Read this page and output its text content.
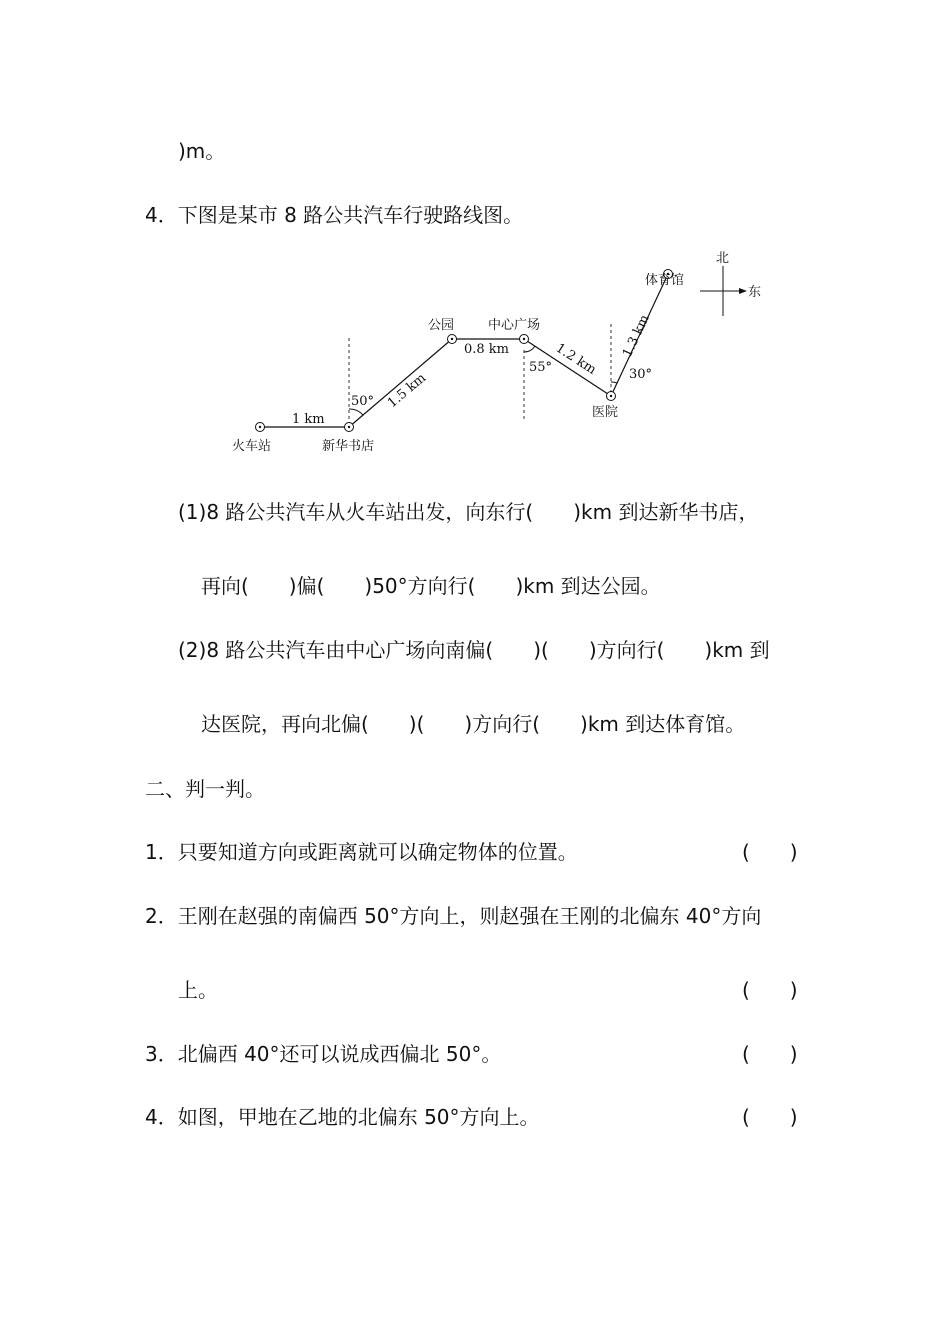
)m。
4．下图是某市 8 路公共汽车行驶路线图。
火车站	新华书店
公园	中心广场
医院
体育馆
1 km
1.5 km
0.8 km	1.2 km 1.3 km
50°
55°	30°
北
东
(1)8 路公共汽车从火车站出发，向东行(　　)km 到达新华书店，
再向(　　)偏(　　)50°方向行(　　)km 到达公园。
(2)8 路公共汽车由中心广场向南偏(　　)(　　)方向行(　　)km 到
达医院，再向北偏(　　)(　　)方向行(　　)km 到达体育馆。
二、判一判。
1．只要知道方向或距离就可以确定物体的位置。	(　　)
2．王刚在赵强的南偏西 50°方向上，则赵强在王刚的北偏东 40°方向
上。	(　　)
3．北偏西 40°还可以说成西偏北 50°。	(　　)
4．如图，甲地在乙地的北偏东 50°方向上。	(　　)
